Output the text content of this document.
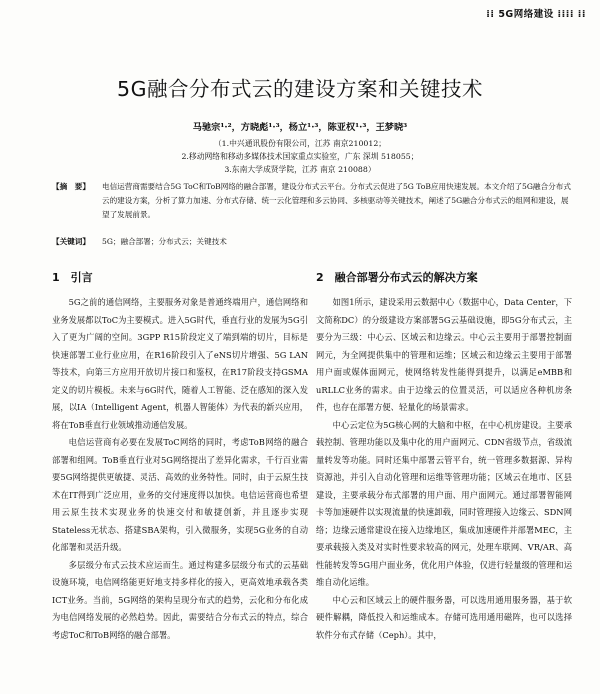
⁞⁞ 5G网络建设 ⁞⁞⁞⁞ ⁞⁞
5G融合分布式云的建设方案和关键技术
马驰宗¹·²，方晓彪¹·³，杨立¹·³，陈亚权¹·³，王梦晓³
（1.中兴通讯股份有限公司，江苏 南京210012；
2.移动网络和移动多媒体技术国家重点实验室，广东 深圳 518055；
3.东南大学成贤学院，江苏 南京 210088）
【摘　要】 电信运营商需要结合5G ToC和ToB网络的融合部署，建设分布式云平台。分布式云促进了5G ToB应用快速发展。本文介绍了5G融合分布式云的建设方案，分析了算力加速、分布式存储、统一云化管理和多云协同、多核驱动等关键技术，阐述了5G融合分布式云的组网和建设，展望了发展前景。
【关键词】 5G；融合部署；分布式云；关键技术
1　引言

5G之前的通信网络，主要服务对象是普通终端用户，通信网络和业务发展都以ToC为主要模式。进入5G时代，垂直行业的发展为5G引入了更为广阔的空间。3GPP R15阶段定义了端到端的切片，目标是快速部署工业行业应用，在R16阶段引入了eNS切片增强、5G LAN等技术，向第三方应用开放切片接口和鉴权，在R17阶段支持GSMA定义的切片模板。未来与6G时代，随着人工智能、泛在感知的深入发展，以IA（Intelligent Agent，机器人智能体）为代表的新兴应用，将在ToB垂直行业领域推动通信发展。

电信运营商有必要在发展ToC网络的同时，考虑ToB网络的融合部署和组网。ToB垂直行业对5G网络提出了差异化需求，千行百业需要5G网络提供更敏捷、灵活、高效的业务特性。同时，由于云原生技术在IT得到广泛应用，业务的交付速度得以加快。电信运营商也希望用云原生技术实现业务的快速交付和敏捷创新，并且逐步实现Stateless无状态、搭建SBA架构，引入微服务，实现5G业务的自动化部署和灵活升级。

多层级分布式云技术应运而生。通过构建多层级分布式的云基础设施环境，电信网络能更好地支持多样化的接入，更高效地承载各类ICT业务。当前，5G网络的架构呈现分布式的趋势，云化和分布化成为电信网络发展的必然趋势。因此，需要结合分布式云的特点，综合考虑ToC和ToB网络的融合部署。

2　融合部署分布式云的解决方案

如图1所示，建设采用云数据中心（数据中心，Data Center，下文简称DC）的分级建设方案部署5G云基础设施，即5G分布式云，主要分为三级：中心云、区域云和边缘云。中心云主要用于部署控制面网元，为全网提供集中的管理和运维；区域云和边缘云主要用于部署用户面或媒体面网元，使网络转发性能得到提升，以满足eMBB和uRLLC业务的需求。由于边缘云的位置灵活，可以适应各种机房条件，也存在部署方便、轻量化的场景需求。

中心云定位为5G核心网的大脑和中枢，在中心机房建设。主要承载控制、管理功能以及集中化的用户面网元、CDN省级节点，省级流量转发等功能。同时还集中部署云管平台，统一管理多数据源、异构资源池，并引入自动化管理和运维等管理功能；区域云在地市、区县建设，主要承载分布式部署的用户面、用户面网元。通过部署智能网卡等加速硬件以实现流量的快速卸载，同时管理接入边缘云、SDN网络；边缘云通常建设在接入边缘地区，集成加速硬件并部署MEC，主要承载接入类及对实时性要求较高的网元，处理车联网、VR/AR、高性能转发等5G用户面业务，优化用户体验，仅进行轻量级的管理和运维自动化运维。

中心云和区域云上的硬件服务器，可以选用通用服务器，基于软硬件解耦，降低投入和运维成本。存储可选用通用磁阵，也可以选择软件分布式存储（Ceph）。其中，
